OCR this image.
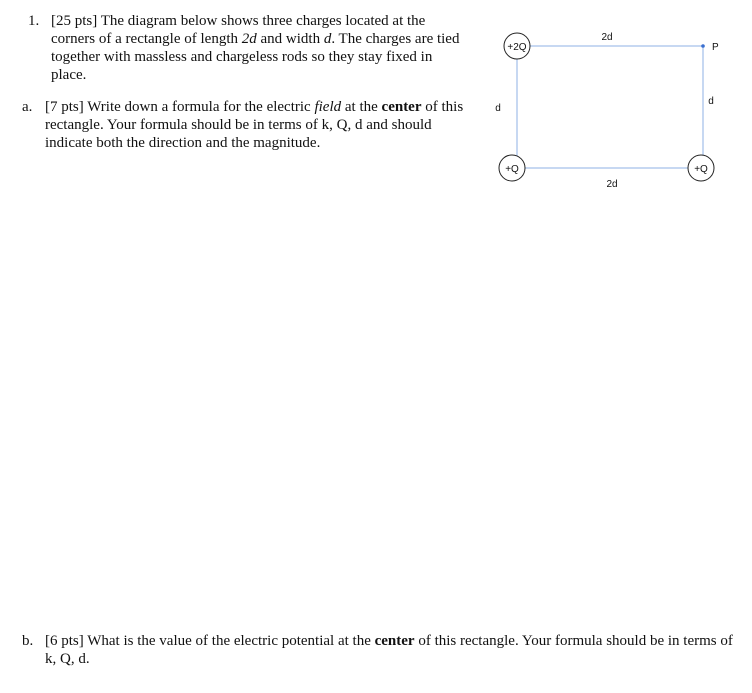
1. [25 pts] The diagram below shows three charges located at the corners of a rectangle of length 2d and width d. The charges are tied together with massless and chargeless rods so they stay fixed in place.
a. [7 pts] Write down a formula for the electric field at the center of this rectangle. Your formula should be in terms of k, Q, d and should indicate both the direction and the magnitude.
+2Q
+Q	+Q
P
2d
2d
d
d
b. [6 pts] What is the value of the electric potential at the center of this rectangle. Your formula should be in terms of k, Q, d.
